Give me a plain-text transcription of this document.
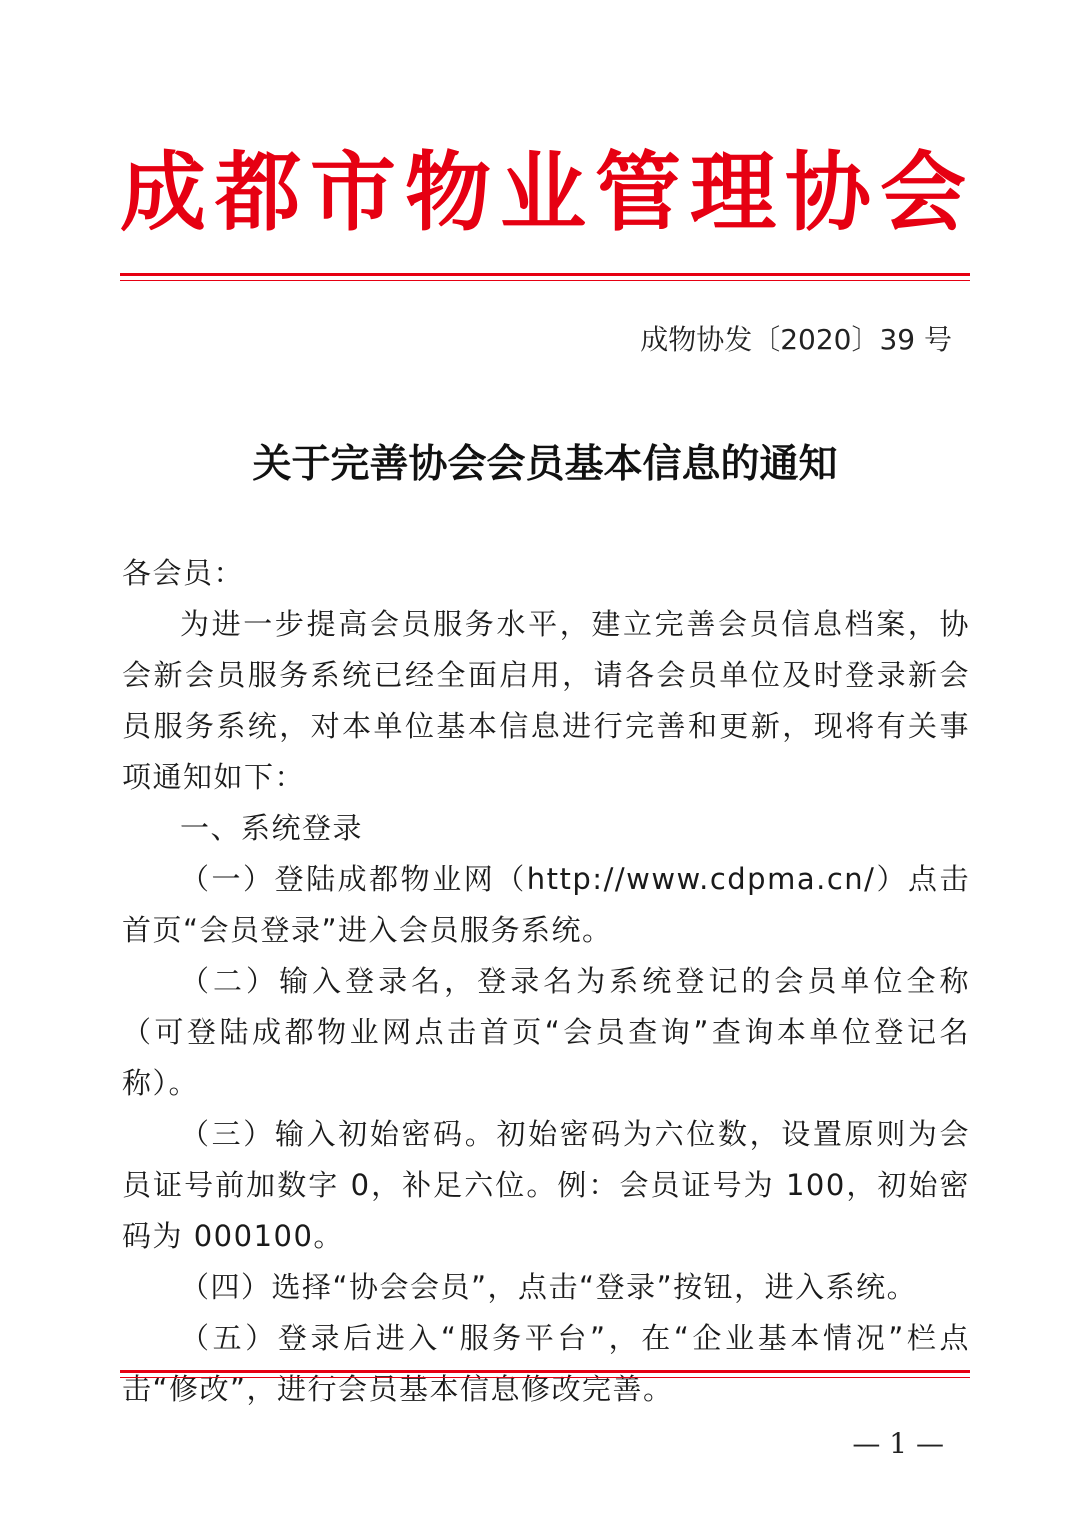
成都市物业管理协会
成物协发〔2020〕39 号
关于完善协会会员基本信息的通知

各会员：

为进一步提高会员服务水平，建立完善会员信息档案，协会新会员服务系统已经全面启用，请各会员单位及时登录新会员服务系统，对本单位基本信息进行完善和更新，现将有关事项通知如下：

一、系统登录

（一）登陆成都物业网（http://www.cdpma.cn/）点击首页“会员登录”进入会员服务系统。

（二）输入登录名，登录名为系统登记的会员单位全称（可登陆成都物业网点击首页“会员查询”查询本单位登记名称）。

（三）输入初始密码。初始密码为六位数，设置原则为会员证号前加数字 0，补足六位。例：会员证号为 100，初始密码为 000100。

（四）选择“协会会员”，点击“登录”按钮，进入系统。

（五）登录后进入“服务平台”，在“企业基本情况”栏点击“修改”，进行会员基本信息修改完善。

— 1 —
